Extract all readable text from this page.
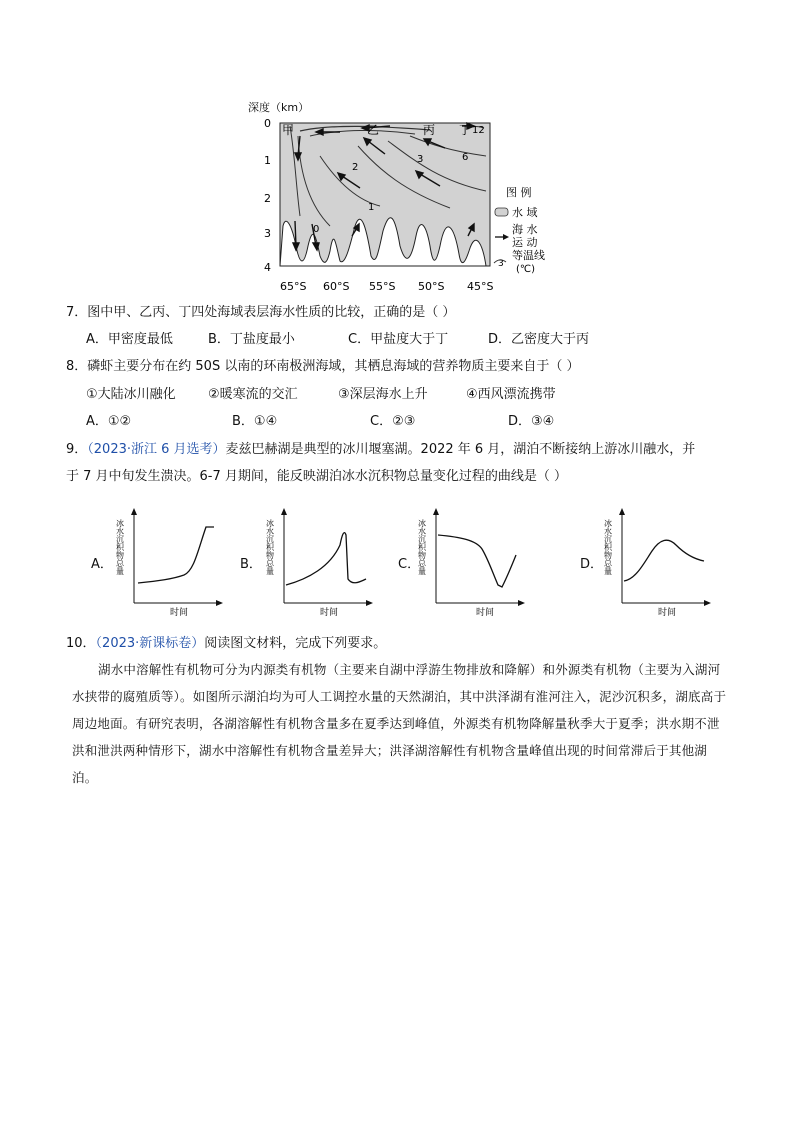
深度（km）
0
1
2
3
4
甲	乙	丙 丁 12
6
3
2
1
0
65°S 60°S 55°S 50°S 45°S
图 例
水 域
海 水
运 动
3
等温线
(℃)
7．图中甲、乙丙、丁四处海域表层海水性质的比较，正确的是（ ）
A．甲密度最低	B．丁盐度最小	C．甲盐度大于丁	D．乙密度大于丙
8．磷虾主要分布在约 50S 以南的环南极洲海域，其栖息海域的营养物质主要来自于（ ）
①大陆冰川融化 ②暖寒流的交汇	③深层海水上升	④西风漂流携带
A．①②	B．①④	C．②③	D．③④
9．（2023·浙江 6 月选考）麦兹巴赫湖是典型的冰川堰塞湖。2022 年 6 月，湖泊不断接纳上游冰川融水，并
于 7 月中旬发生溃决。6-7 月期间，能反映湖泊冰水沉积物总量变化过程的曲线是（ ）
A． 冰水沉积物总量
时间
B． 冰水沉积物总量
时间
C．
冰水沉积物总量
时间
D． 冰水沉积物总量
时间
10．（2023·新课标卷）阅读图文材料，完成下列要求。
湖水中溶解性有机物可分为内源类有机物（主要来自湖中浮游生物排放和降解）和外源类有机物（主要为入湖河水挟带的腐殖质等）。如图所示湖泊均为可人工调控水量的天然湖泊，其中洪泽湖有淮河注入，泥沙沉积多，湖底高于周边地面。有研究表明，各湖溶解性有机物含量多在夏季达到峰值，外源类有机物降解量秋季大于夏季；洪水期不泄洪和泄洪两种情形下，湖水中溶解性有机物含量差异大；洪泽湖溶解性有机物含量峰值出现的时间常滞后于其他湖泊。
